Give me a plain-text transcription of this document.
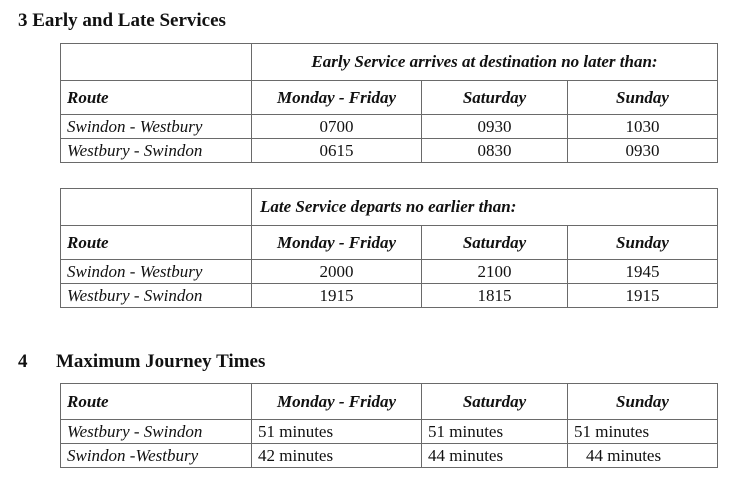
3 Early and Late Services
	Early Service arrives at destination no later than:		
Route	Monday - Friday	Saturday	Sunday
Swindon - Westbury	0700	0930	1030
Westbury - Swindon	0615	0830	0930
	Late Service departs no earlier than:		
Route	Monday - Friday	Saturday	Sunday
Swindon - Westbury	2000	2100	1945
Westbury - Swindon	1915	1815	1915
4 Maximum Journey Times
Route	Monday - Friday	Saturday	Sunday
Westbury - Swindon	51 minutes	51 minutes	51 minutes
Swindon -Westbury	42 minutes	44 minutes	44 minutes
